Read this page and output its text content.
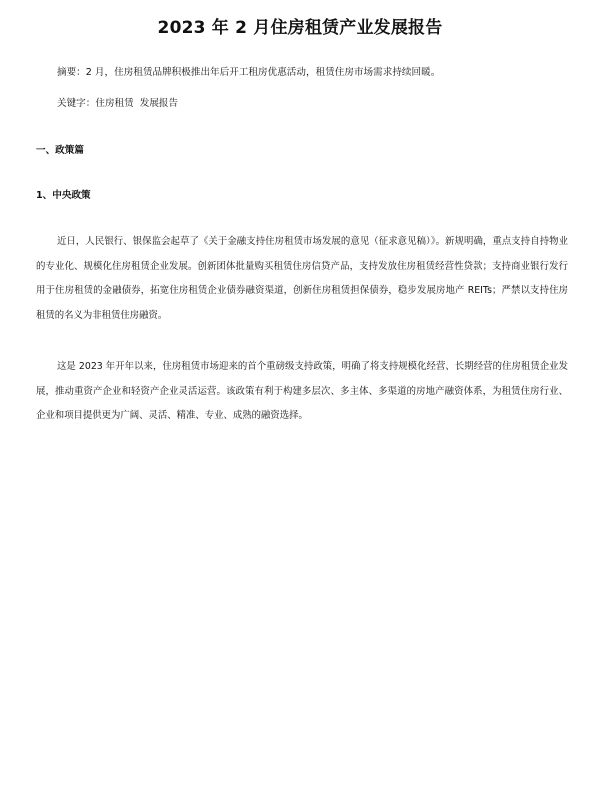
2023 年 2 月住房租赁产业发展报告

摘要：2 月，住房租赁品牌积极推出年后开工租房优惠活动，租赁住房市场需求持续回暖。

关键字：住房租赁 发展报告

一、政策篇

1、中央政策

近日，人民银行、银保监会起草了《关于金融支持住房租赁市场发展的意见（征求意见稿）》。新规明确，重点支持自持物业的专业化、规模化住房租赁企业发展。创新团体批量购买租赁住房信贷产品，支持发放住房租赁经营性贷款；支持商业银行发行用于住房租赁的金融债券，拓宽住房租赁企业债券融资渠道，创新住房租赁担保债券，稳步发展房地产 REITs；严禁以支持住房租赁的名义为非租赁住房融资。

这是 2023 年开年以来，住房租赁市场迎来的首个重磅级支持政策，明确了将支持规模化经营、长期经营的住房租赁企业发展，推动重资产企业和轻资产企业灵活运营。该政策有利于构建多层次、多主体、多渠道的房地产融资体系，为租赁住房行业、企业和项目提供更为广阔、灵活、精准、专业、成熟的融资选择。
